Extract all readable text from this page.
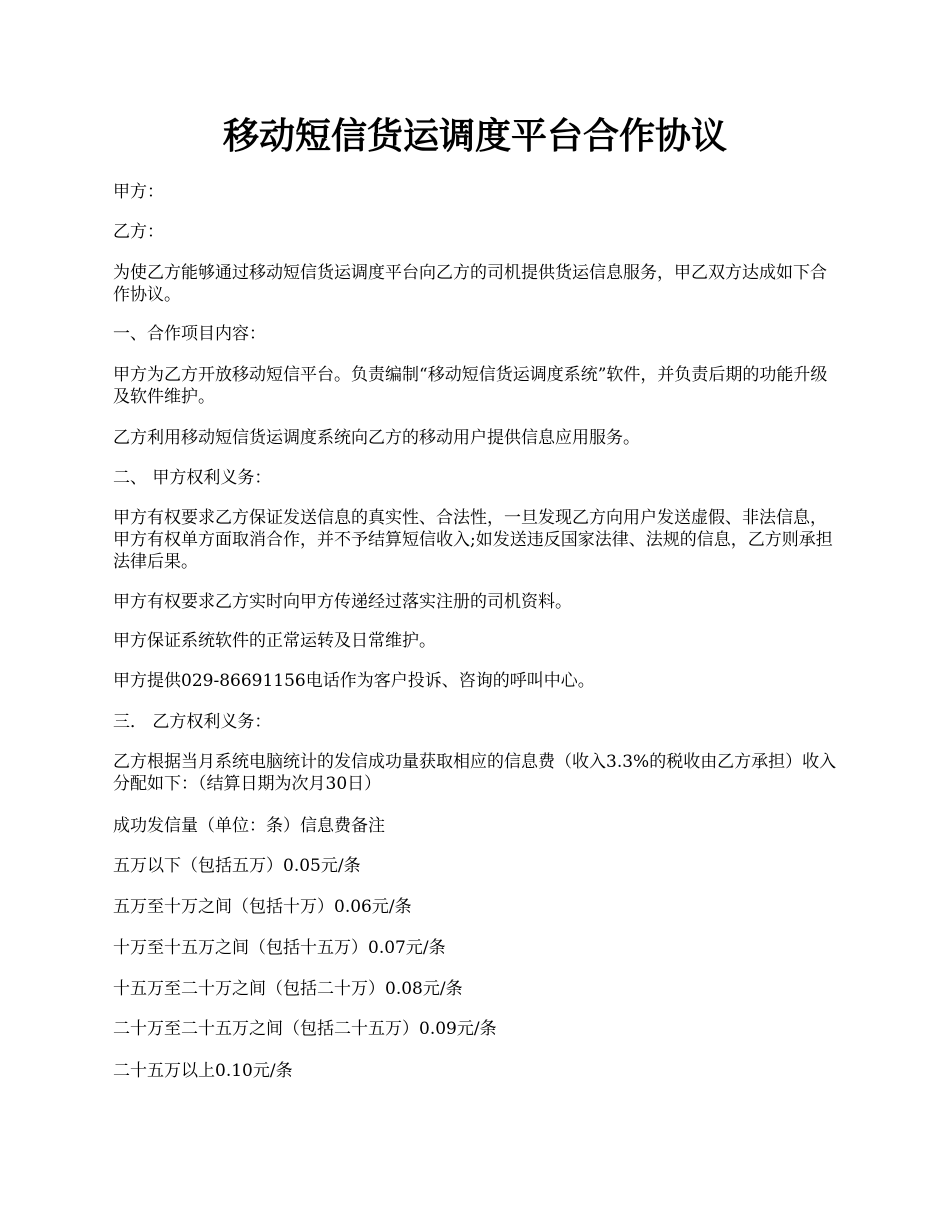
移动短信货运调度平台合作协议

甲方：

乙方：

为使乙方能够通过移动短信货运调度平台向乙方的司机提供货运信息服务，甲乙双方达成如下合作协议。

一、合作项目内容：

甲方为乙方开放移动短信平台。负责编制“移动短信货运调度系统”软件，并负责后期的功能升级及软件维护。

乙方利用移动短信货运调度系统向乙方的移动用户提供信息应用服务。

二、 甲方权利义务：

甲方有权要求乙方保证发送信息的真实性、合法性，一旦发现乙方向用户发送虚假、非法信息，甲方有权单方面取消合作，并不予结算短信收入;如发送违反国家法律、法规的信息，乙方则承担法律后果。

甲方有权要求乙方实时向甲方传递经过落实注册的司机资料。

甲方保证系统软件的正常运转及日常维护。

甲方提供029-86691156电话作为客户投诉、咨询的呼叫中心。

三． 乙方权利义务：

乙方根据当月系统电脑统计的发信成功量获取相应的信息费（收入3.3%的税收由乙方承担）收入分配如下：（结算日期为次月30日）

成功发信量（单位：条）信息费备注

五万以下（包括五万）0.05元/条

五万至十万之间（包括十万）0.06元/条

十万至十五万之间（包括十五万）0.07元/条

十五万至二十万之间（包括二十万）0.08元/条

二十万至二十五万之间（包括二十五万）0.09元/条

二十五万以上0.10元/条
